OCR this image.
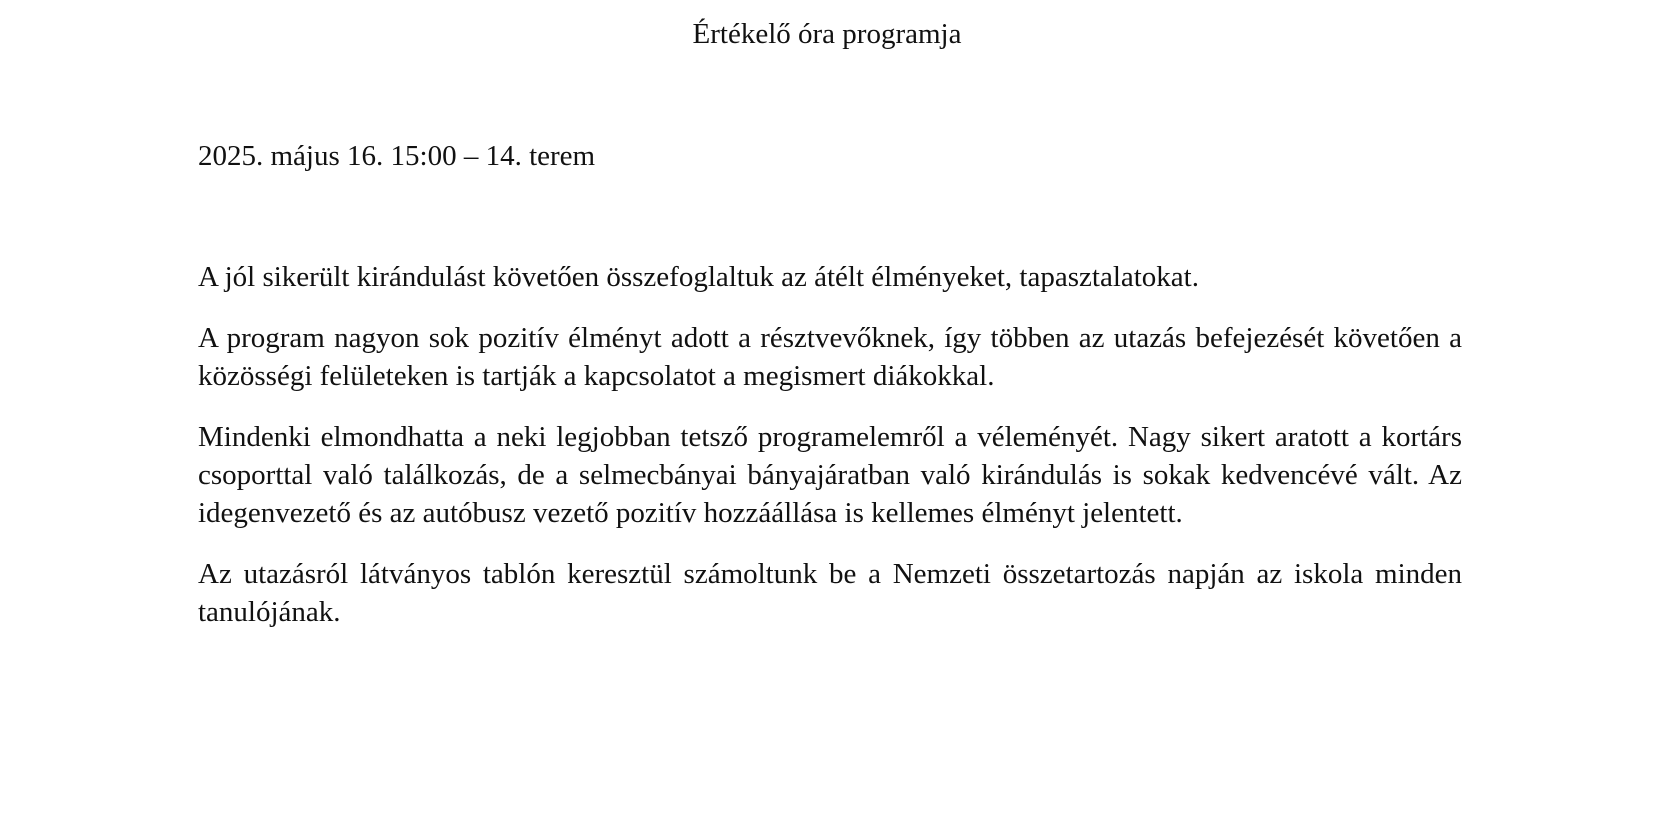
Értékelő óra programja

2025. május 16. 15:00 – 14. terem

A jól sikerült kirándulást követően összefoglaltuk az átélt élményeket, tapasztalatokat.

A program nagyon sok pozitív élményt adott a résztvevőknek, így többen az utazás befejezését követően a közösségi felületeken is tartják a kapcsolatot a megismert diákokkal.

Mindenki elmondhatta a neki legjobban tetsző programelemről a véleményét. Nagy sikert aratott a kortárs csoporttal való találkozás, de a selmecbányai bányajáratban való kirándulás is sokak kedvencévé vált. Az idegenvezető és az autóbusz vezető pozitív hozzáállása is kellemes élményt jelentett.

Az utazásról látványos tablón keresztül számoltunk be a Nemzeti összetartozás napján az iskola minden tanulójának.
